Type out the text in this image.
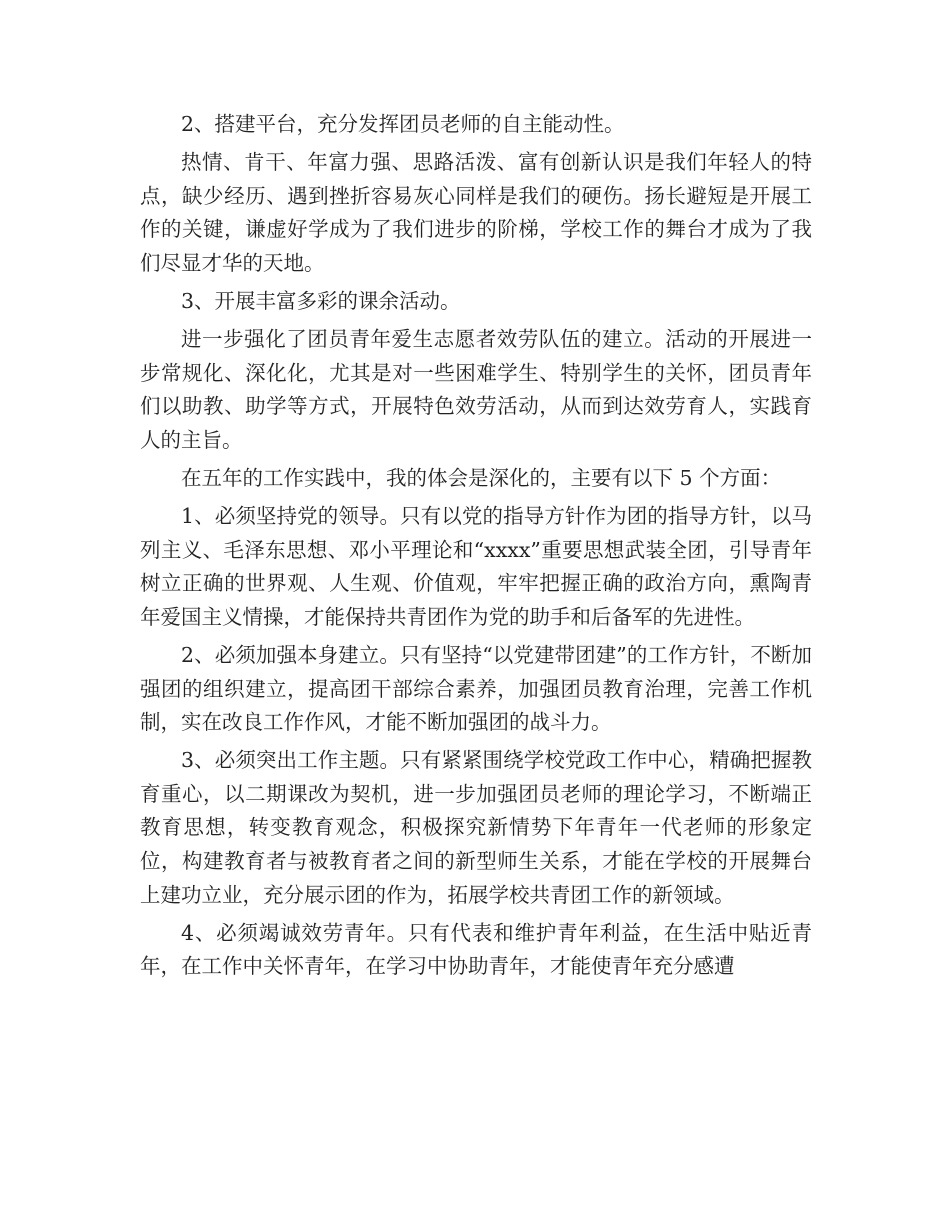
2、搭建平台，充分发挥团员老师的自主能动性。

热情、肯干、年富力强、思路活泼、富有创新认识是我们年轻人的特点，缺少经历、遇到挫折容易灰心同样是我们的硬伤。扬长避短是开展工作的关键，谦虚好学成为了我们进步的阶梯，学校工作的舞台才成为了我们尽显才华的天地。

3、开展丰富多彩的课余活动。

进一步强化了团员青年爱生志愿者效劳队伍的建立。活动的开展进一步常规化、深化化，尤其是对一些困难学生、特别学生的关怀，团员青年们以助教、助学等方式，开展特色效劳活动，从而到达效劳育人，实践育人的主旨。

在五年的工作实践中，我的体会是深化的，主要有以下 5 个方面：

1、必须坚持党的领导。只有以党的指导方针作为团的指导方针，以马列主义、毛泽东思想、邓小平理论和“xxxx”重要思想武装全团，引导青年树立正确的世界观、人生观、价值观，牢牢把握正确的政治方向，熏陶青年爱国主义情操，才能保持共青团作为党的助手和后备军的先进性。

2、必须加强本身建立。只有坚持“以党建带团建”的工作方针，不断加强团的组织建立，提高团干部综合素养，加强团员教育治理，完善工作机制，实在改良工作作风，才能不断加强团的战斗力。

3、必须突出工作主题。只有紧紧围绕学校党政工作中心，精确把握教育重心，以二期课改为契机，进一步加强团员老师的理论学习，不断端正教育思想，转变教育观念，积极探究新情势下年青年一代老师的形象定位，构建教育者与被教育者之间的新型师生关系，才能在学校的开展舞台上建功立业，充分展示团的作为，拓展学校共青团工作的新领域。

4、必须竭诚效劳青年。只有代表和维护青年利益，在生活中贴近青年，在工作中关怀青年，在学习中协助青年，才能使青年充分感遭
